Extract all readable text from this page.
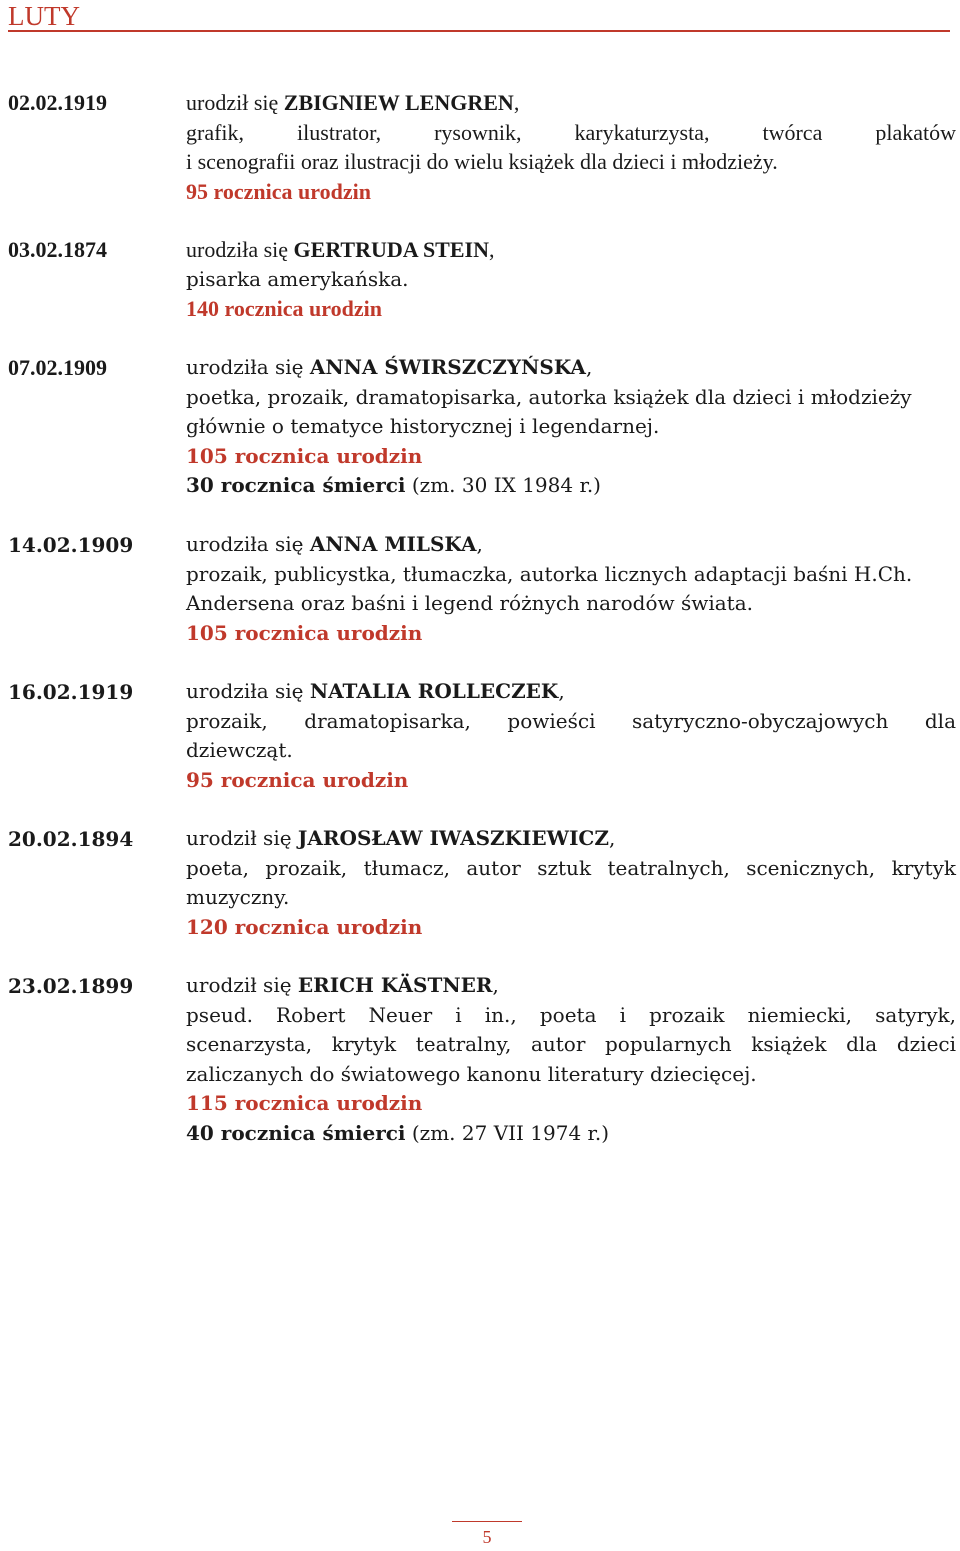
LUTY
02.02.1919	urodził się ZBIGNIEW LENGREN,

grafik, ilustrator, rysownik, karykaturzysta, twórca plakatów

i scenografii oraz ilustracji do wielu książek dla dzieci i młodzieży.

95 rocznica urodzin

03.02.1874	urodziła się GERTRUDA STEIN,

pisarka amerykańska.

140 rocznica urodzin

07.02.1909	urodziła się ANNA ŚWIRSZCZYŃSKA,

poetka, prozaik, dramatopisarka, autorka książek dla dzieci i młodzieży

głównie o tematyce historycznej i legendarnej.

105 rocznica urodzin

30 rocznica śmierci (zm. 30 IX 1984 r.)

14.02.1909	urodziła się ANNA MILSKA,

prozaik, publicystka, tłumaczka, autorka licznych adaptacji baśni H.Ch.

Andersena oraz baśni i legend różnych narodów świata.

105 rocznica urodzin

16.02.1919	urodziła się NATALIA ROLLECZEK,

prozaik, dramatopisarka, powieści satyryczno-obyczajowych dla

dziewcząt.

95 rocznica urodzin

20.02.1894	urodził się JAROSŁAW IWASZKIEWICZ,

poeta, prozaik, tłumacz, autor sztuk teatralnych, scenicznych, krytyk

muzyczny.

120 rocznica urodzin

23.02.1899	urodził się ERICH KÄSTNER,

pseud. Robert Neuer i in., poeta i prozaik niemiecki, satyryk,

scenarzysta, krytyk teatralny, autor popularnych książek dla dzieci

zaliczanych do światowego kanonu literatury dziecięcej.

115 rocznica urodzin

40 rocznica śmierci (zm. 27 VII 1974 r.)

5
